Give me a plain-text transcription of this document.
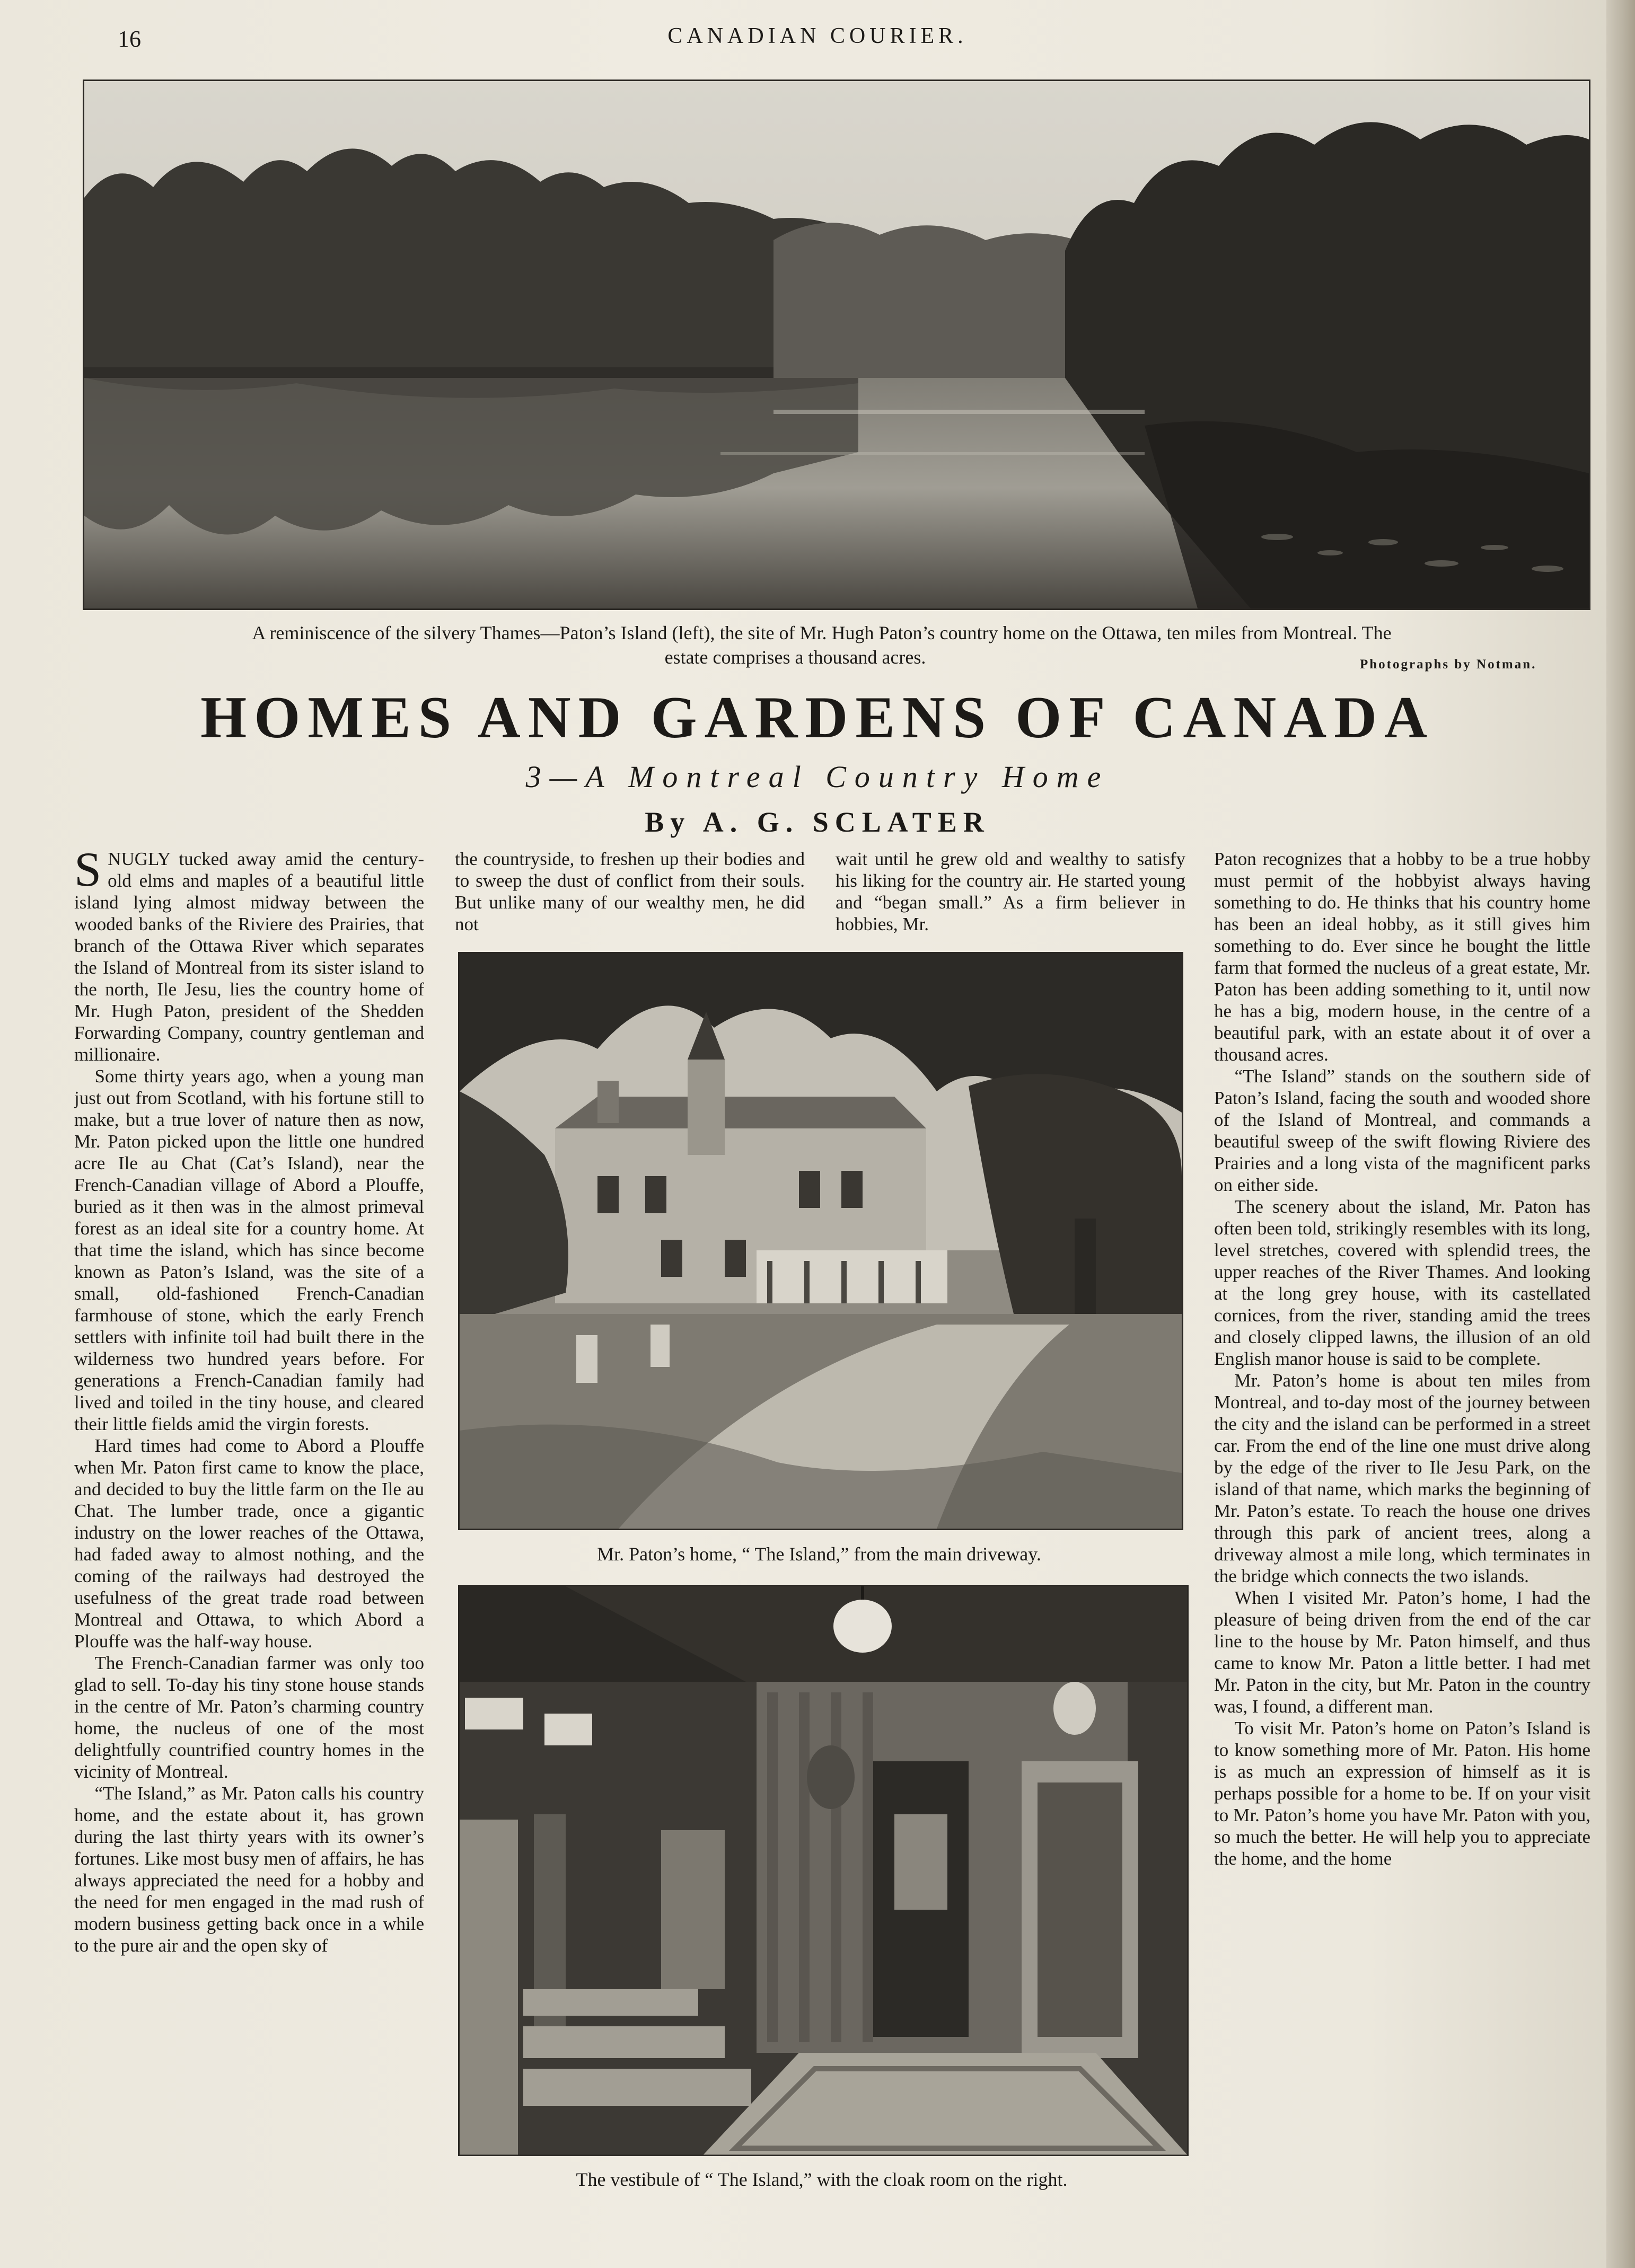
16	CANADIAN COURIER.
A reminiscence of the silvery Thames—Paton’s Island (left), the site of Mr. Hugh Paton’s country home on the Ottawa, ten miles from Montreal. The
estate comprises a thousand acres.	Photographs by Notman.
HOMES AND GARDENS OF CANADA
3—A Montreal Country Home
By A. G. SCLATER

SNUGLY tucked away amid the century-old elms and maples of a beautiful little island lying almost midway between the wooded banks of the Riviere des Prairies, that branch of the Ottawa River which separates the Island of Montreal from its sister island to the north, Ile Jesu, lies the country home of Mr. Hugh Paton, president of the Shedden Forwarding Company, country gentleman and millionaire.

Some thirty years ago, when a young man just out from Scotland, with his fortune still to make, but a true lover of nature then as now, Mr. Paton picked upon the little one hundred acre Ile au Chat (Cat’s Island), near the French-Canadian village of Abord a Plouffe, buried as it then was in the almost primeval forest as an ideal site for a country home. At that time the island, which has since become known as Paton’s Island, was the site of a small, old-fashioned French-Canadian farmhouse of stone, which the early French settlers with infinite toil had built there in the wilderness two hundred years before. For generations a French-Canadian family had lived and toiled in the tiny house, and cleared their little fields amid the virgin forests.

Hard times had come to Abord a Plouffe when Mr. Paton first came to know the place, and decided to buy the little farm on the Ile au Chat. The lumber trade, once a gigantic industry on the lower reaches of the Ottawa, had faded away to almost nothing, and the coming of the railways had destroyed the usefulness of the great trade road between Montreal and Ottawa, to which Abord a Plouffe was the half-way house.

The French-Canadian farmer was only too glad to sell. To-day his tiny stone house stands in the centre of Mr. Paton’s charming country home, the nucleus of one of the most delightfully countrified country homes in the vicinity of Montreal.

“The Island,” as Mr. Paton calls his country home, and the estate about it, has grown during the last thirty years with its owner’s fortunes. Like most busy men of affairs, he has always appreciated the need for a hobby and the need for men engaged in the mad rush of modern business getting back once in a while to the pure air and the open sky of

the countryside, to freshen up their bodies and to sweep the dust of conflict from their souls. But unlike many of our wealthy men, he did not

wait until he grew old and wealthy to satisfy his liking for the country air. He started young and “began small.” As a firm believer in hobbies, Mr.

Mr. Paton’s home, “ The Island,” from the main driveway.
The vestibule of “ The Island,” with the cloak room on the right.

Paton recognizes that a hobby to be a true hobby must permit of the hobbyist always having something to do. He thinks that his country home has been an ideal hobby, as it still gives him something to do. Ever since he bought the little farm that formed the nucleus of a great estate, Mr. Paton has been adding something to it, until now he has a big, modern house, in the centre of a beautiful park, with an estate about it of over a thousand acres.

“The Island” stands on the southern side of Paton’s Island, facing the south and wooded shore of the Island of Montreal, and commands a beautiful sweep of the swift flowing Riviere des Prairies and a long vista of the magnificent parks on either side.

The scenery about the island, Mr. Paton has often been told, strikingly resembles with its long, level stretches, covered with splendid trees, the upper reaches of the River Thames. And looking at the long grey house, with its castellated cornices, from the river, standing amid the trees and closely clipped lawns, the illusion of an old English manor house is said to be complete.

Mr. Paton’s home is about ten miles from Montreal, and to-day most of the journey between the city and the island can be performed in a street car. From the end of the line one must drive along by the edge of the river to Ile Jesu Park, on the island of that name, which marks the beginning of Mr. Paton’s estate. To reach the house one drives through this park of ancient trees, along a driveway almost a mile long, which terminates in the bridge which connects the two islands.

When I visited Mr. Paton’s home, I had the pleasure of being driven from the end of the car line to the house by Mr. Paton himself, and thus came to know Mr. Paton a little better. I had met Mr. Paton in the city, but Mr. Paton in the country was, I found, a different man.

To visit Mr. Paton’s home on Paton’s Island is to know something more of Mr. Paton. His home is as much an expression of himself as it is perhaps possible for a home to be. If on your visit to Mr. Paton’s home you have Mr. Paton with you, so much the better. He will help you to appreciate the home, and the home
